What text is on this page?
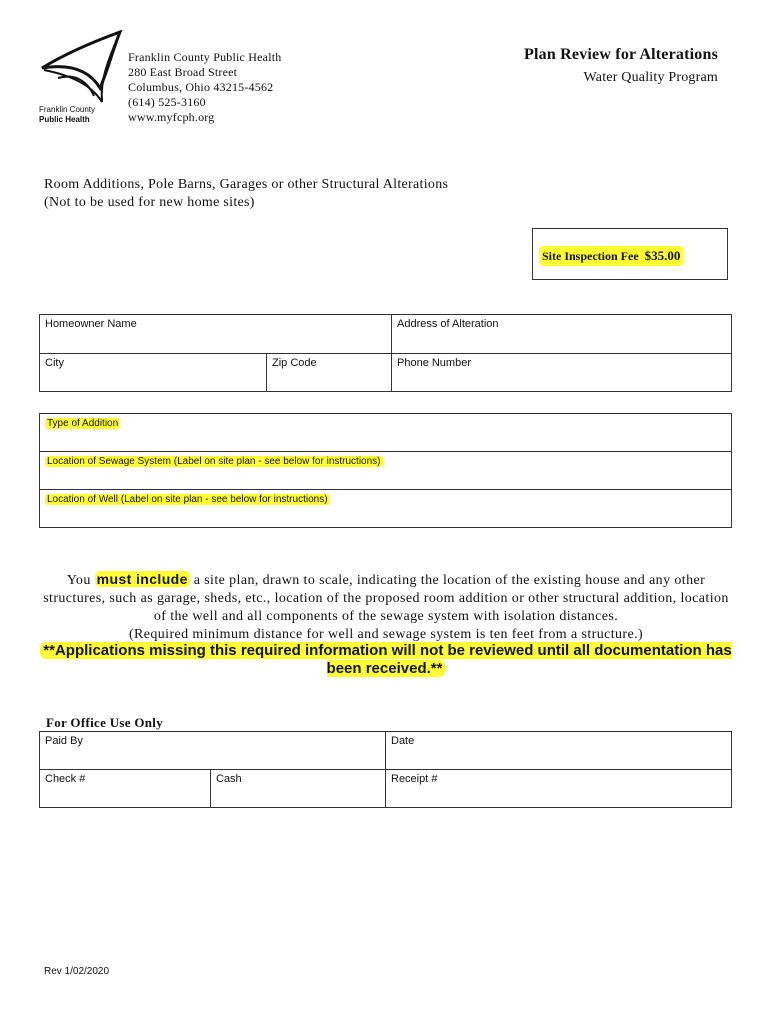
Franklin County
Public Health
Franklin County Public Health
280 East Broad Street
Columbus, Ohio 43215-4562
(614) 525-3160
www.myfcph.org
Plan Review for Alterations
Water Quality Program
Room Additions, Pole Barns, Garages or other Structural Alterations
(Not to be used for new home sites)
Site Inspection Fee $35.00
Homeowner Name		Address of Alteration
City	Zip Code	Phone Number
Type of Addition
Location of Sewage System (Label on site plan - see below for instructions)
Location of Well (Label on site plan - see below for instructions)
You must include a site plan, drawn to scale, indicating the location of the existing house and any other structures, such as garage, sheds, etc., location of the proposed room addition or other structural addition, location of the well and all components of the sewage system with isolation distances.
(Required minimum distance for well and sewage system is ten feet from a structure.)
**Applications missing this required information will not be reviewed until all documentation has been received.**
For Office Use Only
Paid By		Date
Check #	Cash	Receipt #
Rev 1/02/2020
